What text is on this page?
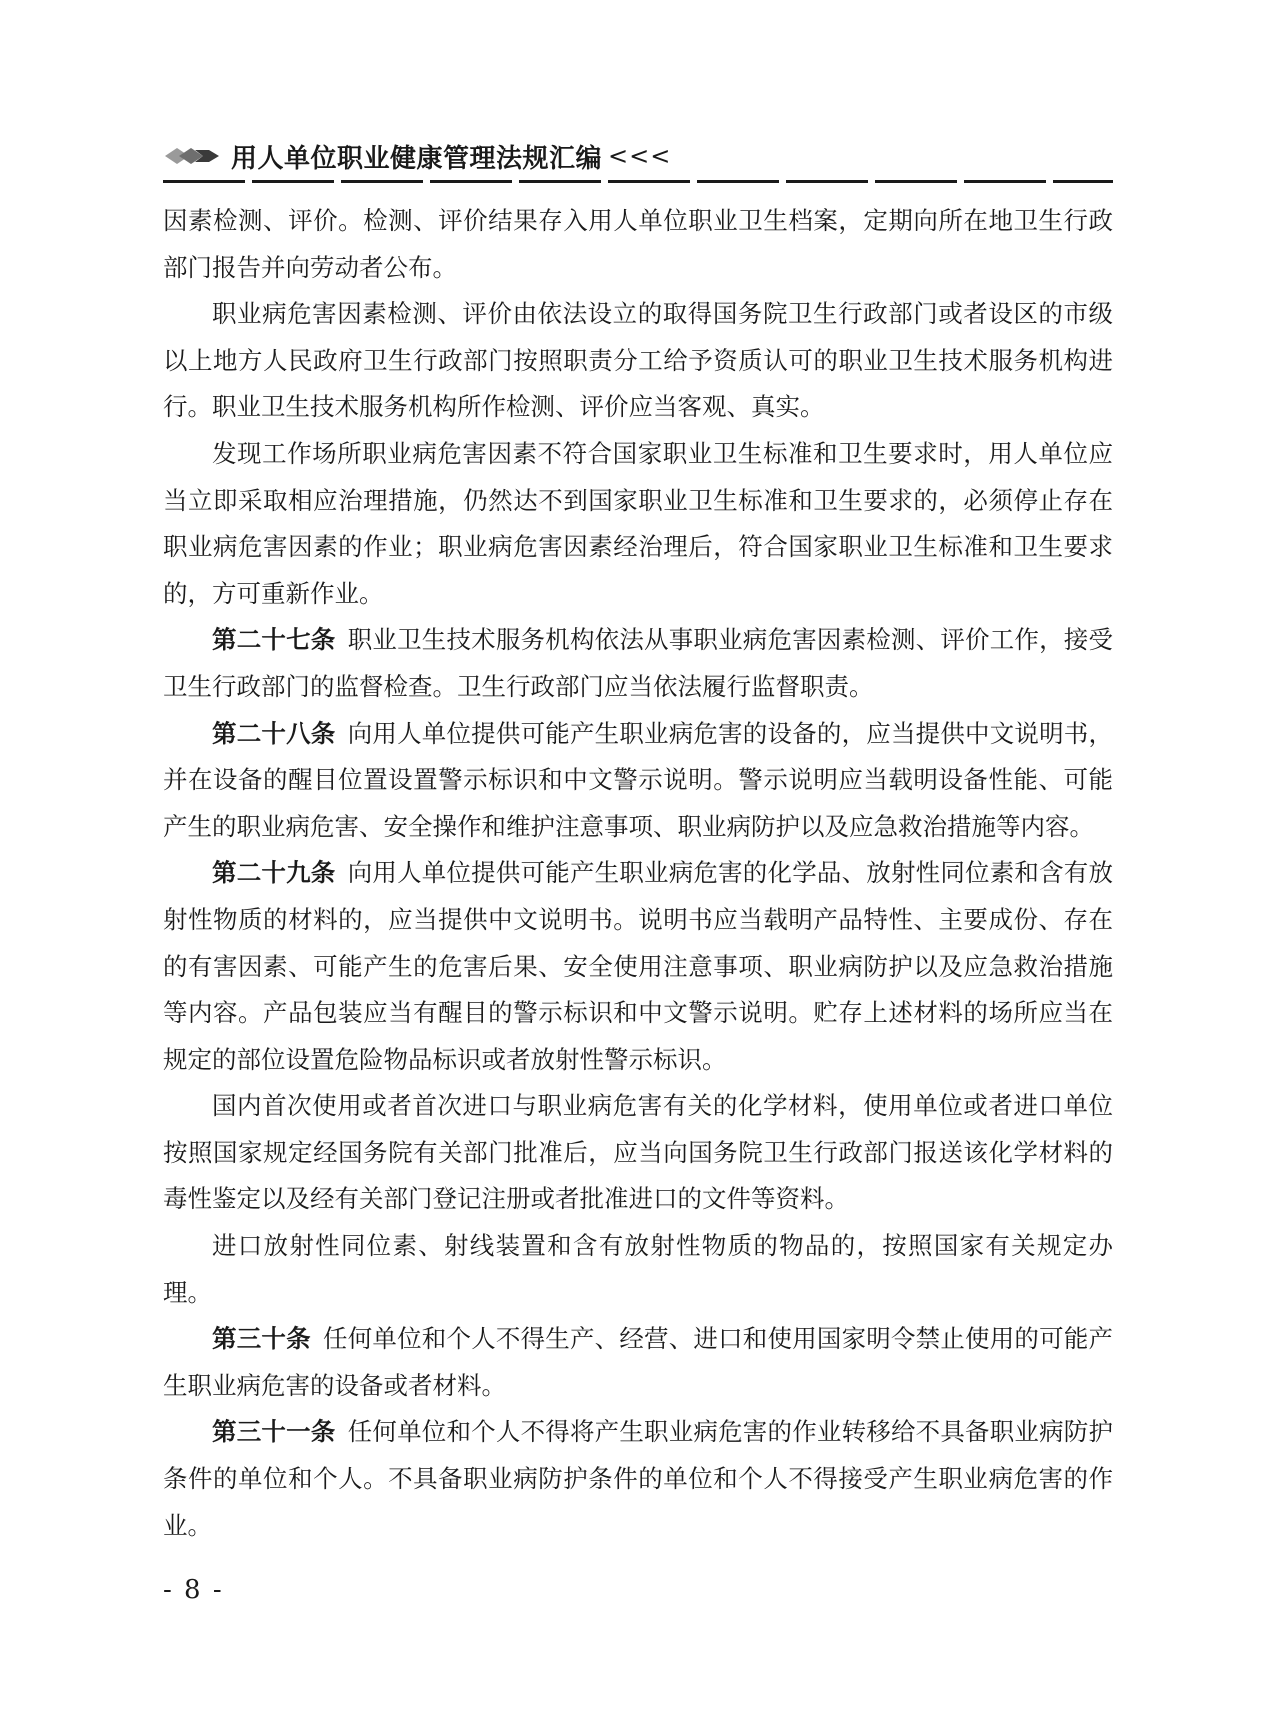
用人单位职业健康管理法规汇编 <<<

因素检测、评价。检测、评价结果存入用人单位职业卫生档案，定期向所在地卫生行政部门报告并向劳动者公布。

职业病危害因素检测、评价由依法设立的取得国务院卫生行政部门或者设区的市级以上地方人民政府卫生行政部门按照职责分工给予资质认可的职业卫生技术服务机构进行。职业卫生技术服务机构所作检测、评价应当客观、真实。

发现工作场所职业病危害因素不符合国家职业卫生标准和卫生要求时，用人单位应当立即采取相应治理措施，仍然达不到国家职业卫生标准和卫生要求的，必须停止存在职业病危害因素的作业；职业病危害因素经治理后，符合国家职业卫生标准和卫生要求的，方可重新作业。

第二十七条 职业卫生技术服务机构依法从事职业病危害因素检测、评价工作，接受卫生行政部门的监督检查。卫生行政部门应当依法履行监督职责。

第二十八条 向用人单位提供可能产生职业病危害的设备的，应当提供中文说明书，并在设备的醒目位置设置警示标识和中文警示说明。警示说明应当载明设备性能、可能产生的职业病危害、安全操作和维护注意事项、职业病防护以及应急救治措施等内容。

第二十九条 向用人单位提供可能产生职业病危害的化学品、放射性同位素和含有放射性物质的材料的，应当提供中文说明书。说明书应当载明产品特性、主要成份、存在的有害因素、可能产生的危害后果、安全使用注意事项、职业病防护以及应急救治措施等内容。产品包装应当有醒目的警示标识和中文警示说明。贮存上述材料的场所应当在规定的部位设置危险物品标识或者放射性警示标识。

国内首次使用或者首次进口与职业病危害有关的化学材料，使用单位或者进口单位按照国家规定经国务院有关部门批准后，应当向国务院卫生行政部门报送该化学材料的毒性鉴定以及经有关部门登记注册或者批准进口的文件等资料。

进口放射性同位素、射线装置和含有放射性物质的物品的，按照国家有关规定办理。

第三十条 任何单位和个人不得生产、经营、进口和使用国家明令禁止使用的可能产生职业病危害的设备或者材料。

第三十一条 任何单位和个人不得将产生职业病危害的作业转移给不具备职业病防护条件的单位和个人。不具备职业病防护条件的单位和个人不得接受产生职业病危害的作业。

- 8 -
